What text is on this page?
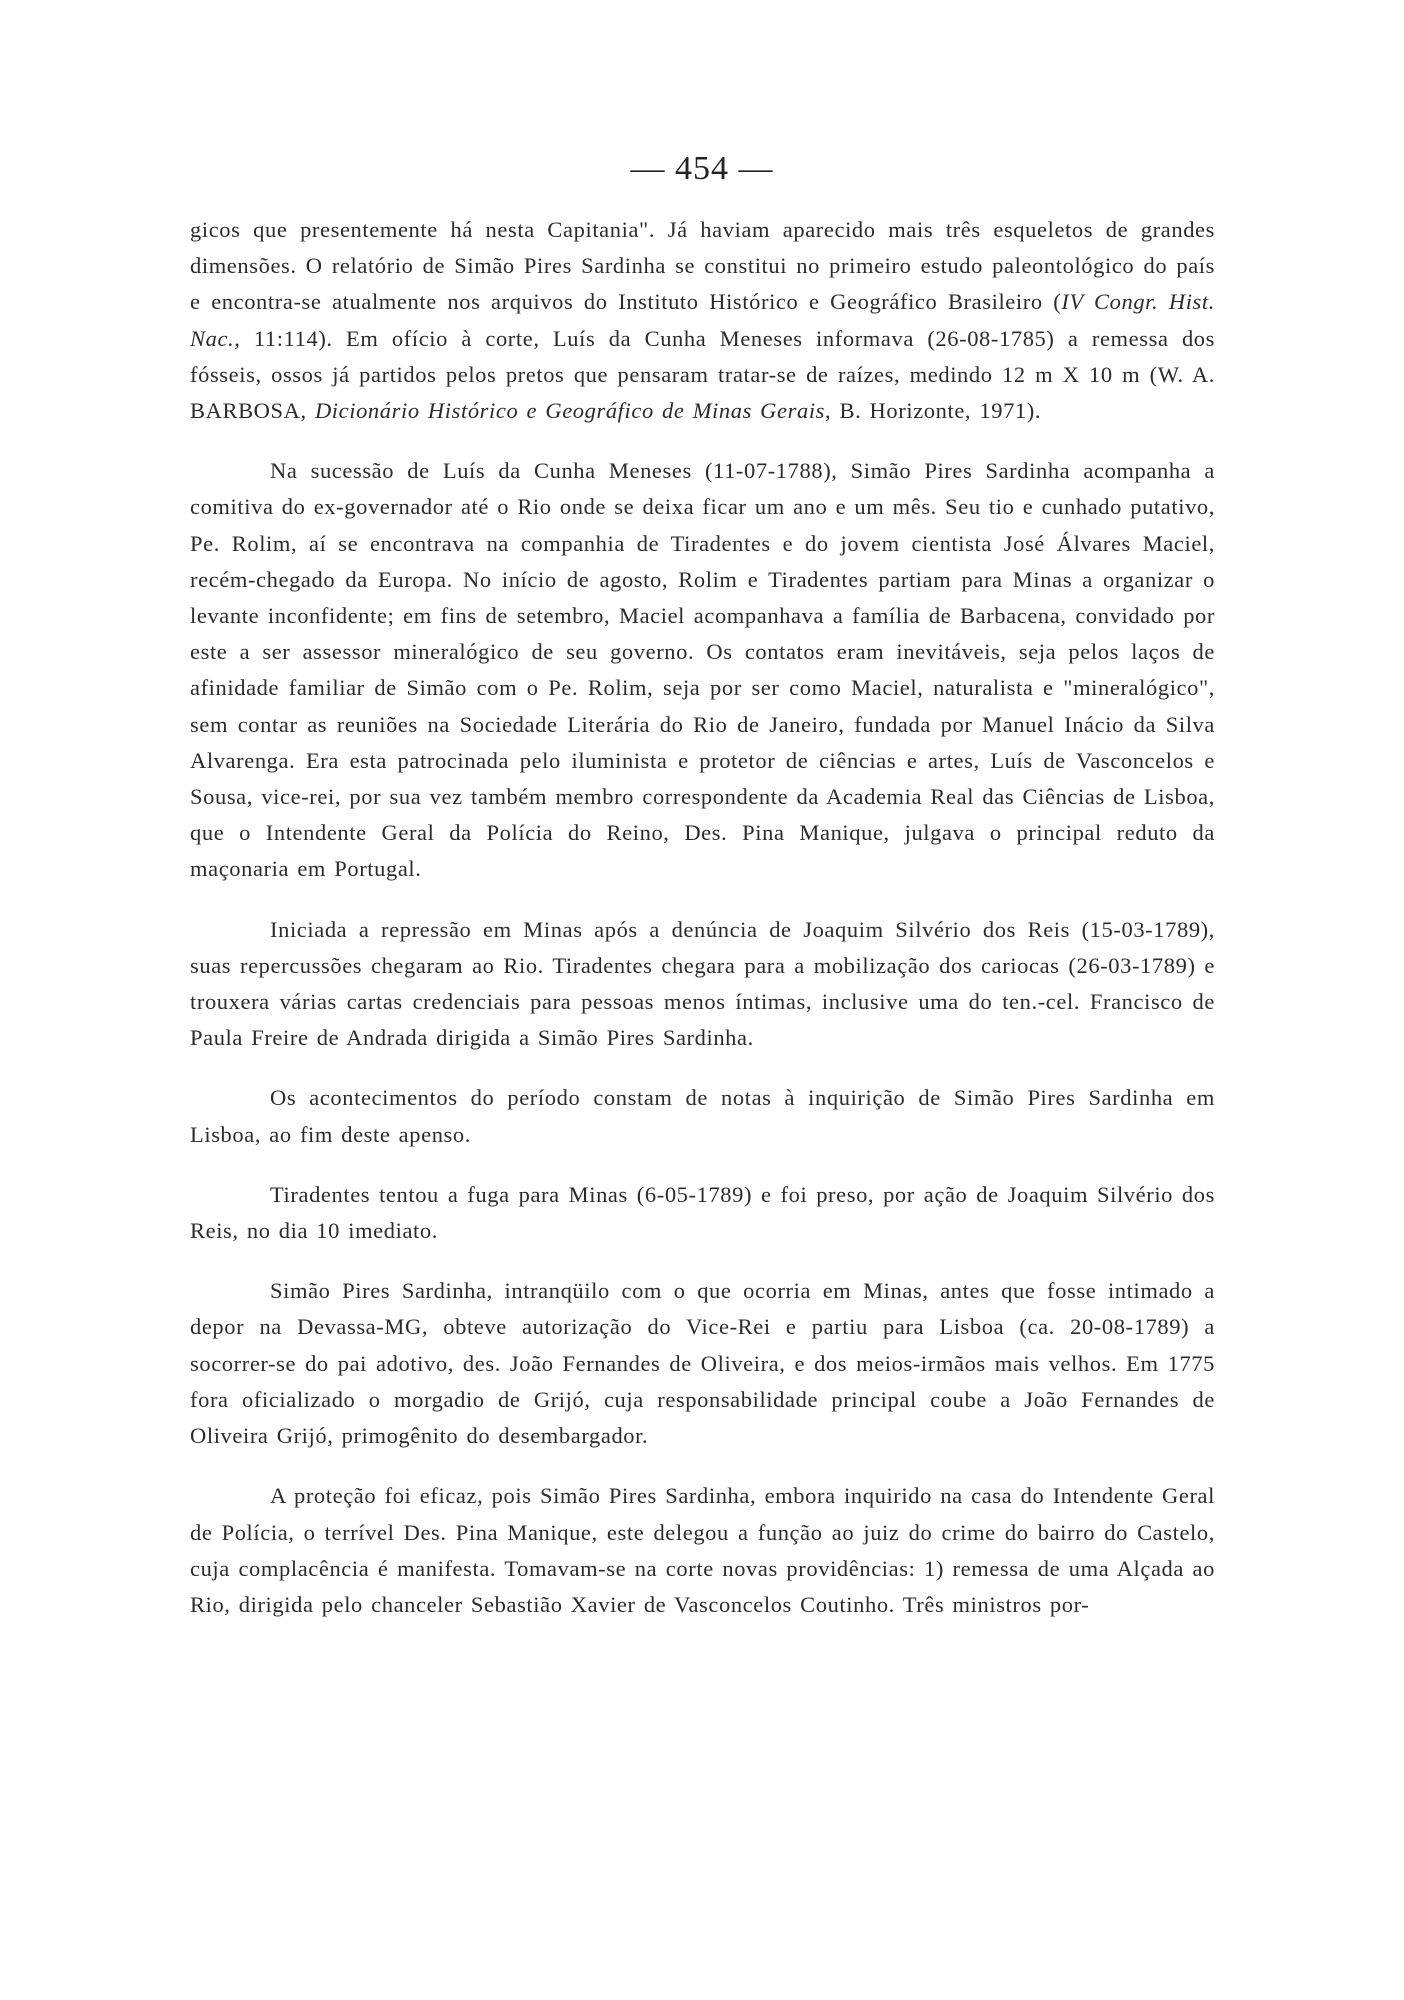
— 454 —

gicos que presentemente há nesta Capitania". Já haviam aparecido mais três esqueletos de grandes dimensões. O relatório de Simão Pires Sardinha se constitui no primeiro estudo paleontológico do país e encontra-se atualmente nos arquivos do Instituto Histórico e Geográfico Brasileiro (IV Congr. Hist. Nac., 11:114). Em ofício à corte, Luís da Cunha Meneses informava (26-08-1785) a remessa dos fósseis, ossos já partidos pelos pretos que pensaram tratar-se de raízes, medindo 12 m X 10 m (W. A. BARBOSA, Dicionário Histórico e Geográfico de Minas Gerais, B. Horizonte, 1971).

Na sucessão de Luís da Cunha Meneses (11-07-1788), Simão Pires Sardinha acompanha a comitiva do ex-governador até o Rio onde se deixa ficar um ano e um mês. Seu tio e cunhado putativo, Pe. Rolim, aí se encontrava na companhia de Tiradentes e do jovem cientista José Álvares Maciel, recém-chegado da Europa. No início de agosto, Rolim e Tiradentes partiam para Minas a organizar o levante inconfidente; em fins de setembro, Maciel acompanhava a família de Barbacena, convidado por este a ser assessor mineralógico de seu governo. Os contatos eram inevitáveis, seja pelos laços de afinidade familiar de Simão com o Pe. Rolim, seja por ser como Maciel, naturalista e "mineralógico", sem contar as reuniões na Sociedade Literária do Rio de Janeiro, fundada por Manuel Inácio da Silva Alvarenga. Era esta patrocinada pelo iluminista e protetor de ciências e artes, Luís de Vasconcelos e Sousa, vice-rei, por sua vez também membro correspondente da Academia Real das Ciências de Lisboa, que o Intendente Geral da Polícia do Reino, Des. Pina Manique, julgava o principal reduto da maçonaria em Portugal.

Iniciada a repressão em Minas após a denúncia de Joaquim Silvério dos Reis (15-03-1789), suas repercussões chegaram ao Rio. Tiradentes chegara para a mobilização dos cariocas (26-03-1789) e trouxera várias cartas credenciais para pessoas menos íntimas, inclusive uma do ten.-cel. Francisco de Paula Freire de Andrada dirigida a Simão Pires Sardinha.

Os acontecimentos do período constam de notas à inquirição de Simão Pires Sardinha em Lisboa, ao fim deste apenso.

Tiradentes tentou a fuga para Minas (6-05-1789) e foi preso, por ação de Joaquim Silvério dos Reis, no dia 10 imediato.

Simão Pires Sardinha, intranqüilo com o que ocorria em Minas, antes que fosse intimado a depor na Devassa-MG, obteve autorização do Vice-Rei e partiu para Lisboa (ca. 20-08-1789) a socorrer-se do pai adotivo, des. João Fernandes de Oliveira, e dos meios-irmãos mais velhos. Em 1775 fora oficializado o morgadio de Grijó, cuja responsabilidade principal coube a João Fernandes de Oliveira Grijó, primogênito do desembargador.

A proteção foi eficaz, pois Simão Pires Sardinha, embora inquirido na casa do Intendente Geral de Polícia, o terrível Des. Pina Manique, este delegou a função ao juiz do crime do bairro do Castelo, cuja complacência é manifesta. Tomavam-se na corte novas providências: 1) remessa de uma Alçada ao Rio, dirigida pelo chanceler Sebastião Xavier de Vasconcelos Coutinho. Três ministros por-
